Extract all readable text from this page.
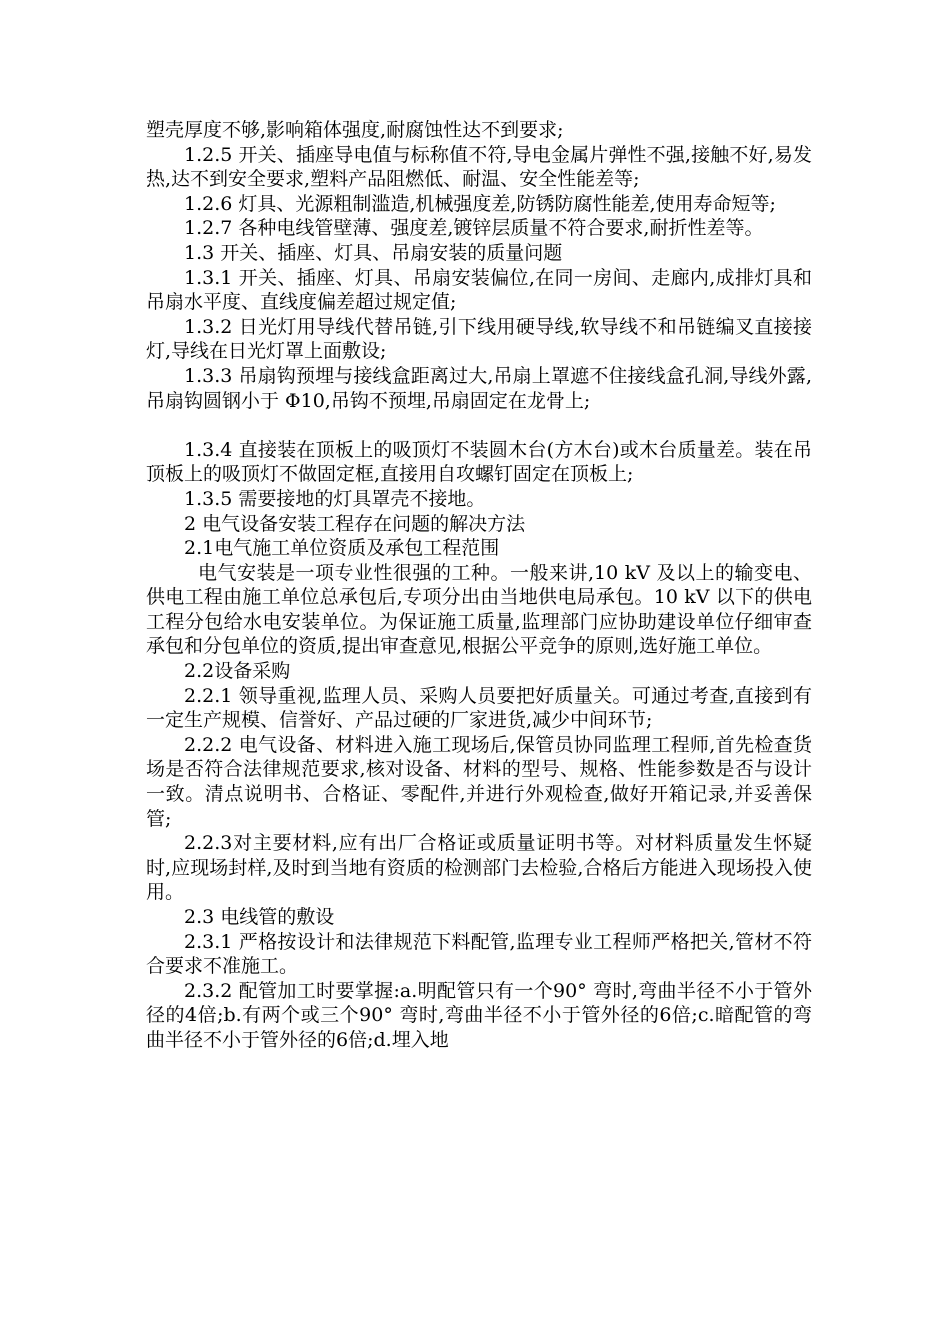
塑壳厚度不够,影响箱体强度,耐腐蚀性达不到要求;

1.2.5 开关、插座导电值与标称值不符,导电金属片弹性不强,接触不好,易发热,达不到安全要求,塑料产品阻燃低、耐温、安全性能差等;

1.2.6 灯具、光源粗制滥造,机械强度差,防锈防腐性能差,使用寿命短等;

1.2.7 各种电线管壁薄、强度差,镀锌层质量不符合要求,耐折性差等。

1.3 开关、插座、灯具、吊扇安装的质量问题

1.3.1 开关、插座、灯具、吊扇安装偏位,在同一房间、走廊内,成排灯具和吊扇水平度、直线度偏差超过规定值;

1.3.2 日光灯用导线代替吊链,引下线用硬导线,软导线不和吊链编叉直接接灯,导线在日光灯罩上面敷设;

1.3.3 吊扇钩预埋与接线盒距离过大,吊扇上罩遮不住接线盒孔洞,导线外露,吊扇钩圆钢小于 Φ10,吊钩不预埋,吊扇固定在龙骨上;

1.3.4 直接装在顶板上的吸顶灯不装圆木台(方木台)或木台质量差。装在吊顶板上的吸顶灯不做固定框,直接用自攻螺钉固定在顶板上;

1.3.5 需要接地的灯具罩壳不接地。

2 电气设备安装工程存在问题的解决方法

2.1电气施工单位资质及承包工程范围

电气安装是一项专业性很强的工种。一般来讲,10 kV 及以上的输变电、供电工程由施工单位总承包后,专项分出由当地供电局承包。10 kV 以下的供电工程分包给水电安装单位。为保证施工质量,监理部门应协助建设单位仔细审查承包和分包单位的资质,提出审查意见,根据公平竞争的原则,选好施工单位。

2.2设备采购

2.2.1 领导重视,监理人员、采购人员要把好质量关。可通过考查,直接到有一定生产规模、信誉好、产品过硬的厂家进货,减少中间环节;

2.2.2 电气设备、材料进入施工现场后,保管员协同监理工程师,首先检查货场是否符合法律规范要求,核对设备、材料的型号、规格、性能参数是否与设计一致。清点说明书、合格证、零配件,并进行外观检查,做好开箱记录,并妥善保管;

2.2.3对主要材料,应有出厂合格证或质量证明书等。对材料质量发生怀疑时,应现场封样,及时到当地有资质的检测部门去检验,合格后方能进入现场投入使用。

2.3 电线管的敷设

2.3.1 严格按设计和法律规范下料配管,监理专业工程师严格把关,管材不符合要求不准施工。

2.3.2 配管加工时要掌握:a.明配管只有一个90° 弯时,弯曲半径不小于管外径的4倍;b.有两个或三个90° 弯时,弯曲半径不小于管外径的6倍;c.暗配管的弯曲半径不小于管外径的6倍;d.埋入地
